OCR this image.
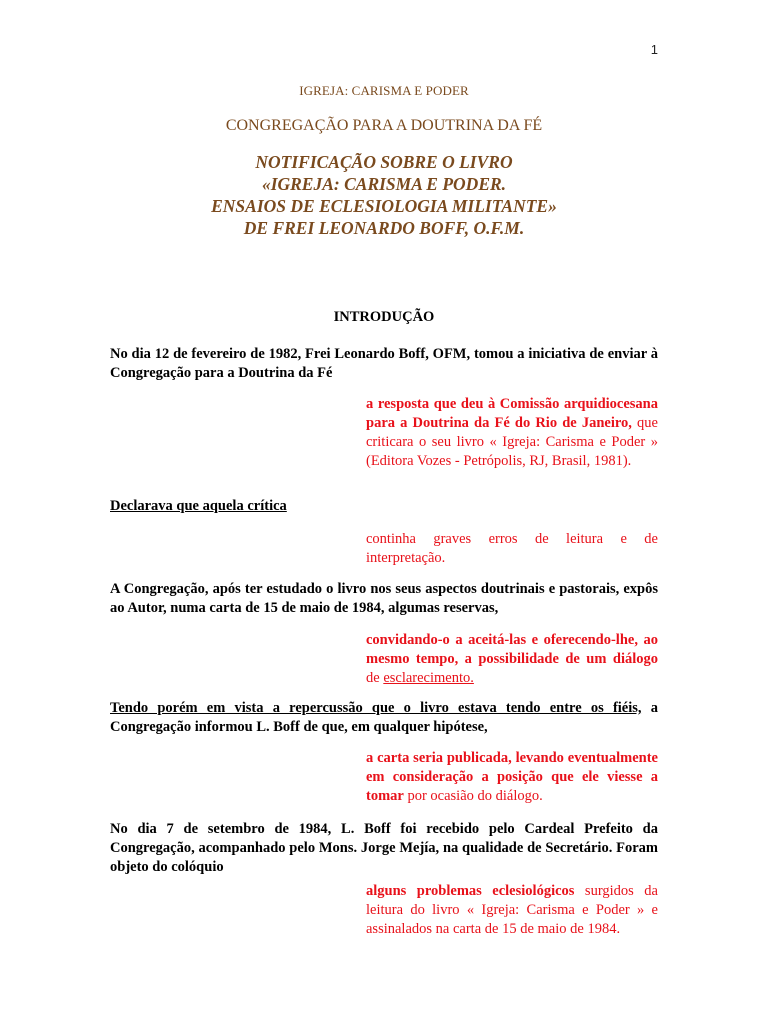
1
IGREJA: CARISMA E PODER
CONGREGAÇÃO PARA A DOUTRINA DA FÉ
NOTIFICAÇÃO SOBRE O LIVRO
«IGREJA: CARISMA E PODER.
ENSAIOS DE ECLESIOLOGIA MILITANTE»
DE FREI LEONARDO BOFF, O.F.M.
INTRODUÇÃO
No dia 12 de fevereiro de 1982, Frei Leonardo Boff, OFM, tomou a iniciativa de enviar à Congregação para a Doutrina da Fé
a resposta que deu à Comissão arquidiocesana para a Doutrina da Fé do Rio de Janeiro, que criticara o seu livro « Igreja: Carisma e Poder » (Editora Vozes - Petrópolis, RJ, Brasil, 1981).
Declarava que aquela crítica
continha graves erros de leitura e de interpretação.
A Congregação, após ter estudado o livro nos seus aspectos doutrinais e pastorais, expôs ao Autor, numa carta de 15 de maio de 1984, algumas reservas,
convidando-o a aceitá-las e oferecendo-lhe, ao mesmo tempo, a possibilidade de um diálogo de esclarecimento.
Tendo porém em vista a repercussão que o livro estava tendo entre os fiéis, a Congregação informou L. Boff de que, em qualquer hipótese,
a carta seria publicada, levando eventualmente em consideração a posição que ele viesse a tomar por ocasião do diálogo.
No dia 7 de setembro de 1984, L. Boff foi recebido pelo Cardeal Prefeito da Congregação, acompanhado pelo Mons. Jorge Mejía, na qualidade de Secretário. Foram objeto do colóquio
alguns problemas eclesiológicos surgidos da leitura do livro « Igreja: Carisma e Poder » e assinalados na carta de 15 de maio de 1984.
